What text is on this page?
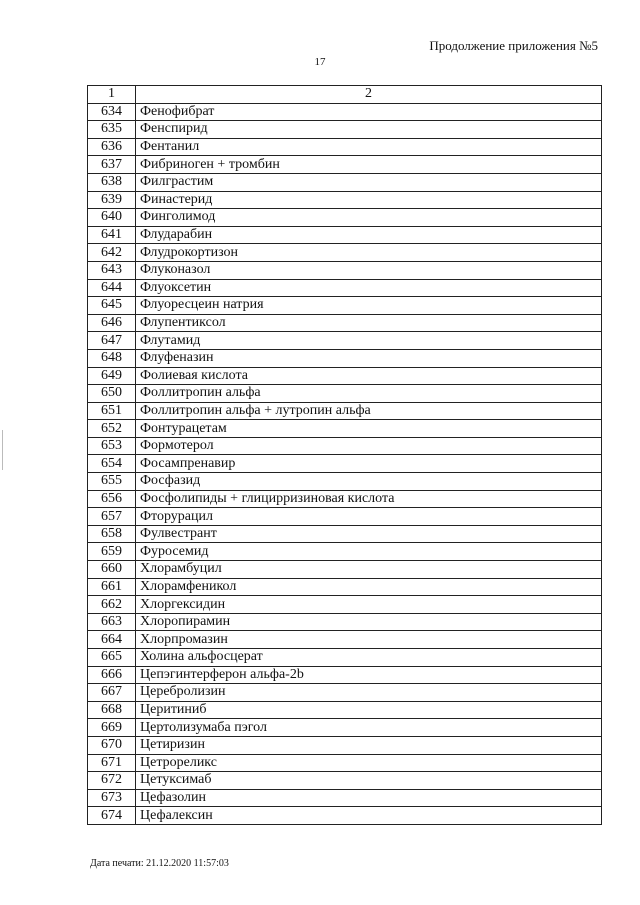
Продолжение приложения №5
17
1	2
634	Фенофибрат
635	Фенспирид
636	Фентанил
637	Фибриноген + тромбин
638	Филграстим
639	Финастерид
640	Финголимод
641	Флударабин
642	Флудрокортизон
643	Флуконазол
644	Флуоксетин
645	Флуоресцеин натрия
646	Флупентиксол
647	Флутамид
648	Флуфеназин
649	Фолиевая кислота
650	Фоллитропин альфа
651	Фоллитропин альфа + лутропин альфа
652	Фонтурацетам
653	Формотерол
654	Фосампренавир
655	Фосфазид
656	Фосфолипиды + глицирризиновая кислота
657	Фторурацил
658	Фулвестрант
659	Фуросемид
660	Хлорамбуцил
661	Хлорамфеникол
662	Хлоргексидин
663	Хлоропирамин
664	Хлорпромазин
665	Холина альфосцерат
666	Цепэгинтерферон альфа-2b
667	Церебролизин
668	Церитиниб
669	Цертолизумаба пэгол
670	Цетиризин
671	Цетрореликс
672	Цетуксимаб
673	Цефазолин
674	Цефалексин
Дата печати: 21.12.2020 11:57:03
